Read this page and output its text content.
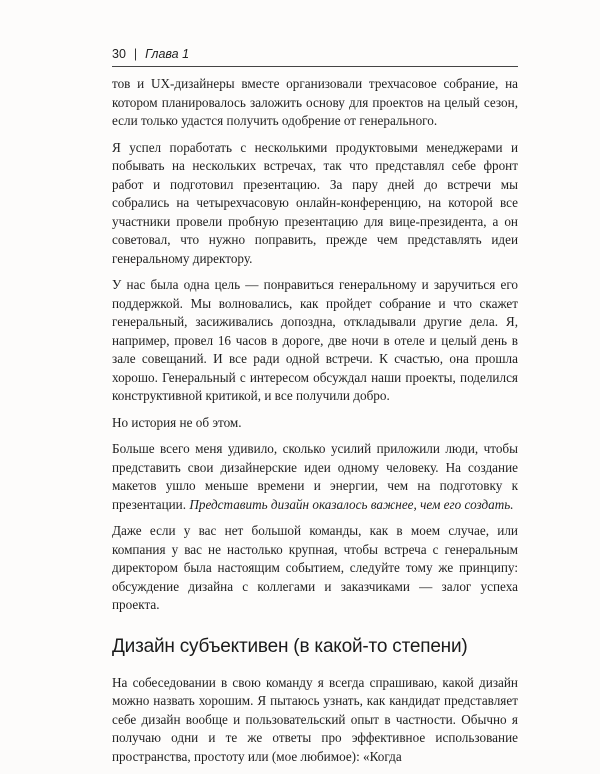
30 | Глава 1

тов и UX-дизайнеры вместе организовали трехчасовое собрание, на котором планировалось заложить основу для проектов на целый сезон, если только удастся получить одобрение от генерального.

Я успел поработать с несколькими продуктовыми менеджерами и побывать на нескольких встречах, так что представлял себе фронт работ и подготовил презентацию. За пару дней до встречи мы собрались на четырехчасовую онлайн-конференцию, на которой все участники провели пробную презентацию для вице-президента, а он советовал, что нужно поправить, прежде чем представлять идеи генеральному директору.

У нас была одна цель — понравиться генеральному и заручиться его поддержкой. Мы волновались, как пройдет собрание и что скажет генеральный, засиживались допоздна, откладывали другие дела. Я, например, провел 16 часов в дороге, две ночи в отеле и целый день в зале совещаний. И все ради одной встречи. К счастью, она прошла хорошо. Генеральный с интересом обсуждал наши проекты, поделился конструктивной критикой, и все получили добро.

Но история не об этом.

Больше всего меня удивило, сколько усилий приложили люди, чтобы представить свои дизайнерские идеи одному человеку. На создание макетов ушло меньше времени и энергии, чем на подготовку к презентации. Представить дизайн оказалось важнее, чем его создать.

Даже если у вас нет большой команды, как в моем случае, или компания у вас не настолько крупная, чтобы встреча с генеральным директором была настоящим событием, следуйте тому же принципу: обсуждение дизайна с коллегами и заказчиками — залог успеха проекта.

Дизайн субъективен (в какой-то степени)

На собеседовании в свою команду я всегда спрашиваю, какой дизайн можно назвать хорошим. Я пытаюсь узнать, как кандидат представляет себе дизайн вообще и пользовательский опыт в частности. Обычно я получаю одни и те же ответы про эффективное использование пространства, простоту или (мое любимое): «Когда
